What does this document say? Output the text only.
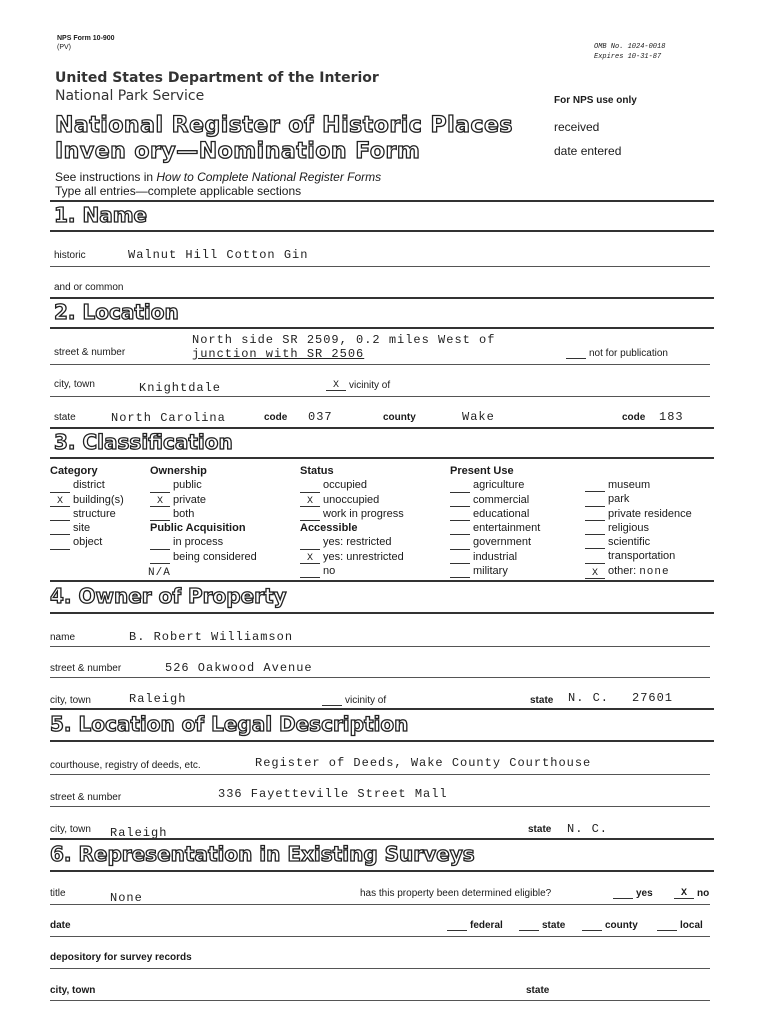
NPS Form 10-900
(PV)	OMB No. 1024-0018
Expires 10-31-87
United States Department of the Interior
National Park Service
National Register of Historic Places
Inven ory—Nomination Form
For NPS use only
received
date entered
See instructions in How to Complete National Register Forms
Type all entries—complete applicable sections
1. Name
historic	Walnut Hill Cotton Gin
and or common
2. Location
North side SR 2509, 0.2 miles West of
junction with SR 2506
street & number	not for publication
city, town	Knightdale	X vicinity of
state	North Carolina	code 037	county	Wake	code 183
3. Classification
Category
district
X building(s)
structure
site
object
Ownership
public
X private
both
Public Acquisition
in process
being considered
N/A
Status
occupied
X unoccupied
work in progress
Accessible
yes: restricted
X yes: unrestricted
no
Present Use
agriculture
commercial
educational
entertainment
government
industrial
military
museum
park
private residence
religious
scientific
transportation
X other: none
4. Owner of Property
name	B. Robert Williamson
street & number	526 Oakwood Avenue
city, town	Raleigh	vicinity of	state N. C. 27601
5. Location of Legal Description
courthouse, registry of deeds, etc.	Register of Deeds, Wake County Courthouse
street & number	336 Fayetteville Street Mall
city, town Raleigh	state N. C.
6. Representation in Existing Surveys
title	None	has this property been determined eligible?	yes	X no
date	federal	state	county	local
depository for survey records
city, town	state
